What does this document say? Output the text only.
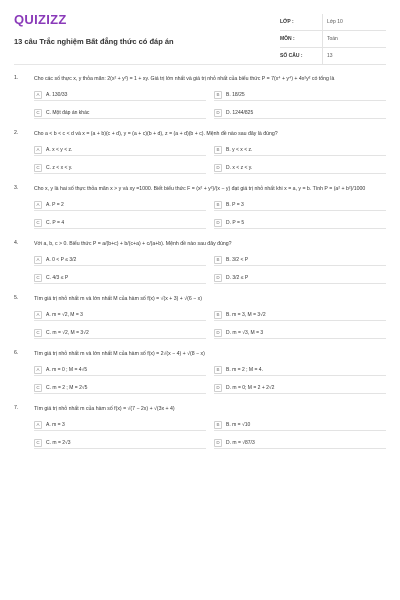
QUIZIZZ
13 câu Trắc nghiệm Bất đẳng thức có đáp án
LỚP :	Lớp 10
MÔN :	Toán
SỐ CÂU :	13
1.	Cho các số thực x, y thỏa mãn: 2(x² + y²) = 1 + xy. Giá trị lớn nhất và giá trị nhỏ nhất của biểu thức P = 7(x⁴ + y⁴) + 4x²y² có tổng là
A	A. 130/33	B	B. 18/25
C	C. Một đáp án khác	D	D. 1244/825
2.	Cho a < b < c < d và x = (a + b)(c + d), y = (a + c)(b + d), z = (a + d)(b + c). Mệnh đề nào sau đây là đúng?
A	A. x < y < z.	B	B. y < x < z.
C	C. z < x < y.	D	D. x < z < y.
3.	Cho x, y là hai số thực thỏa mãn x > y và xy =1000. Biết biểu thức F = (x² + y²)/(x − y) đạt giá trị nhỏ nhất khi x = a, y = b. Tính P = (a² + b²)/1000
A	A. P = 2	B	B. P = 3
C	C. P = 4	D	D. P = 5
4.	Với a, b, c > 0. Biểu thức P = a/(b+c) + b/(c+a) + c/(a+b). Mệnh đề nào sau đây đúng?
A	A. 0 < P ≤ 3/2	B	B. 3/2 < P
C	C. 4/3 ≤ P	D	D. 3/2 ≤ P
5.	Tìm giá trị nhỏ nhất m và lớn nhất M của hàm số f(x) = √(x + 3) + √(6 − x)
A	A. m = √2, M = 3	B	B. m = 3, M = 3√2
C	C. m = √2, M = 3√2	D	D. m = √3, M = 3
6.	Tìm giá trị nhỏ nhất m và lớn nhất M của hàm số f(x) = 2√(x − 4) + √(8 − x)
A	A. m = 0 ; M = 4√5	B	B. m = 2 ; M = 4.
C	C. m = 2 ; M = 2√5	D	D. m = 0; M = 2 + 2√2
7.	Tìm giá trị nhỏ nhất m của hàm số f(x) = √(7 − 2x) + √(3x + 4)
A	A. m = 3	B	B. m = √10
C	C. m = 2√3	D	D. m = √87/3
